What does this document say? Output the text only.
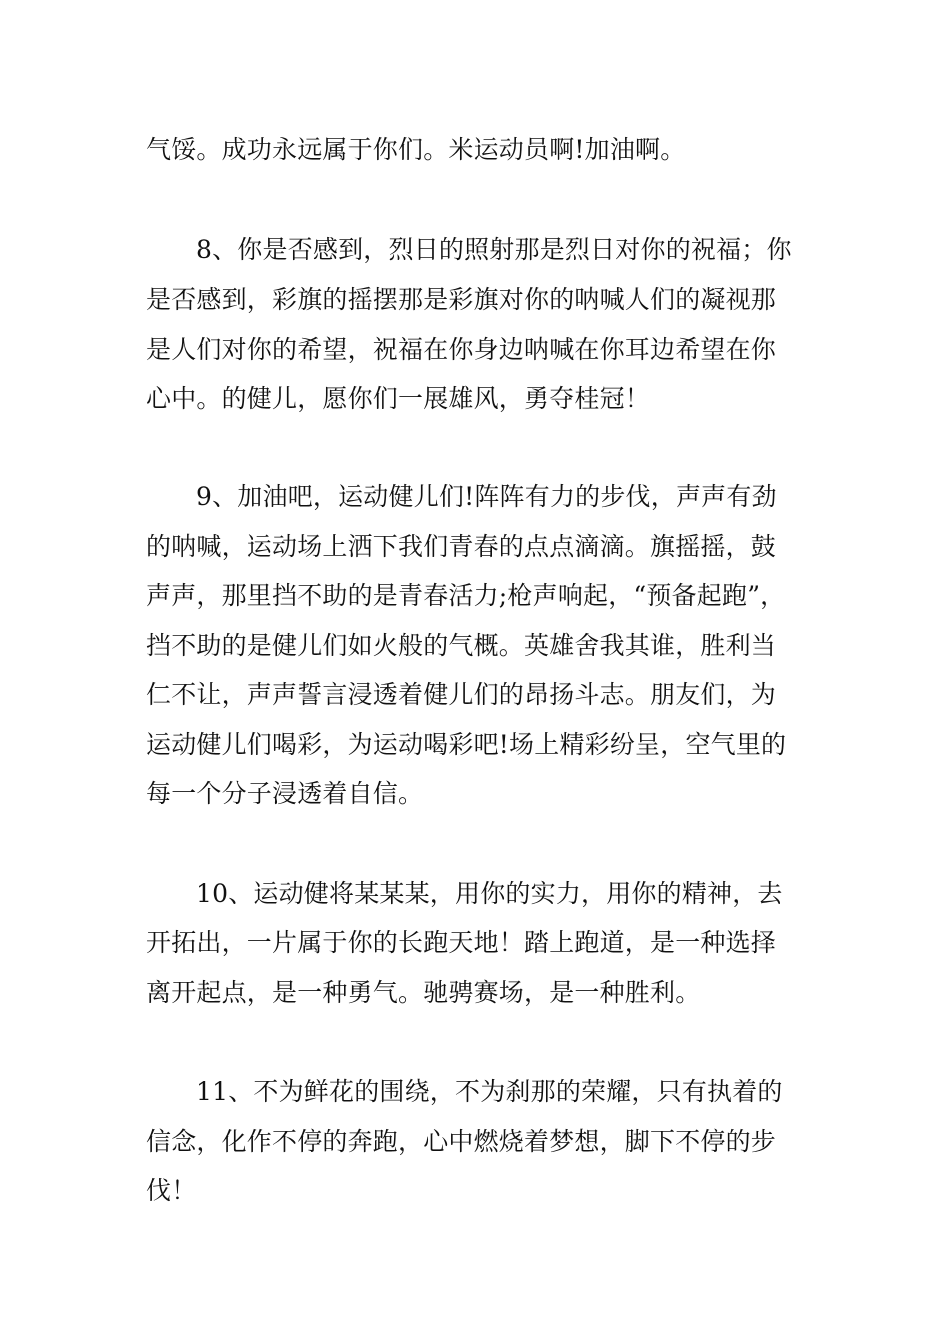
气馁。成功永远属于你们。米运动员啊!加油啊。
8、你是否感到，烈日的照射那是烈日对你的祝福；你
是否感到，彩旗的摇摆那是彩旗对你的呐喊人们的凝视那
是人们对你的希望，祝福在你身边呐喊在你耳边希望在你
心中。的健儿，愿你们一展雄风，勇夺桂冠！
9、加油吧，运动健儿们!阵阵有力的步伐，声声有劲
的呐喊，运动场上洒下我们青春的点点滴滴。旗摇摇，鼓
声声，那里挡不助的是青春活力;枪声响起，“预备起跑”，
挡不助的是健儿们如火般的气概。英雄舍我其谁，胜利当
仁不让，声声誓言浸透着健儿们的昂扬斗志。朋友们，为
运动健儿们喝彩，为运动喝彩吧!场上精彩纷呈，空气里的
每一个分子浸透着自信。
10、运动健将某某某，用你的实力，用你的精神，去
开拓出，一片属于你的长跑天地！踏上跑道，是一种选择
离开起点，是一种勇气。驰骋赛场，是一种胜利。
11、不为鲜花的围绕，不为刹那的荣耀，只有执着的
信念，化作不停的奔跑，心中燃烧着梦想，脚下不停的步
伐！
